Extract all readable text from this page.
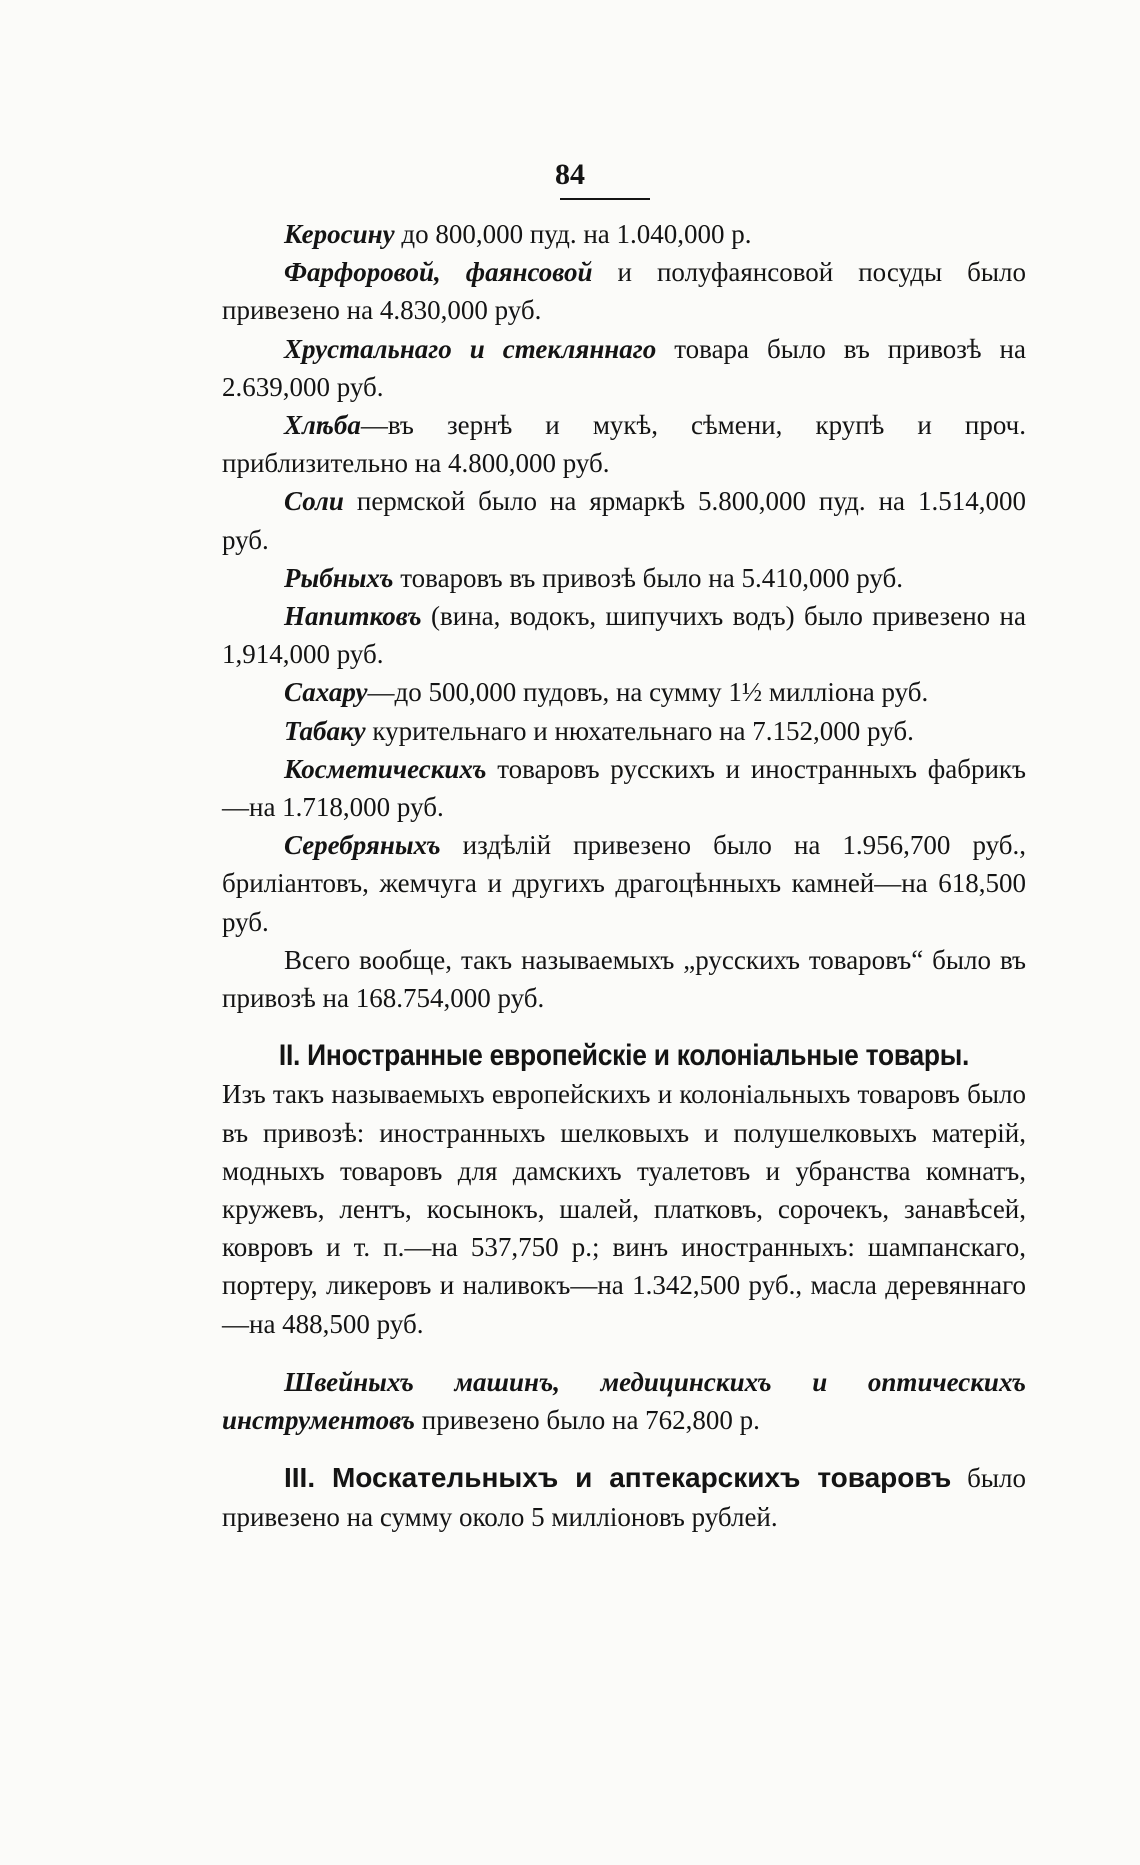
84

Керосину до 800,000 пуд. на 1.040,000 р.

Фарфоровой, фаянсовой и полуфаянсовой посуды было привезено на 4.830,000 руб.

Хрустальнаго и стекляннаго товара было въ привозѣ на 2.639,000 руб.

Хлѣба—въ зернѣ и мукѣ, сѣмени, крупѣ и проч. приблизительно на 4.800,000 руб.

Соли пермской было на ярмаркѣ 5.800,000 пуд. на 1.514,000 руб.

Рыбныхъ товаровъ въ привозѣ было на 5.410,000 руб.

Напитковъ (вина, водокъ, шипучихъ водъ) было привезено на 1,914,000 руб.

Сахару—до 500,000 пудовъ, на сумму 1½ милліона руб.

Табаку курительнаго и нюхательнаго на 7.152,000 руб.

Косметическихъ товаровъ русскихъ и иностранныхъ фабрикъ—на 1.718,000 руб.

Серебряныхъ издѣлій привезено было на 1.956,700 руб., бриліантовъ, жемчуга и другихъ драгоцѣнныхъ камней—на 618,500 руб.

Всего вообще, такъ называемыхъ „русскихъ товаровъ“ было въ привозѣ на 168.754,000 руб.

II. Иностранные европейскіе и колоніальные товары.

Изъ такъ называемыхъ европейскихъ и колоніальныхъ товаровъ было въ привозѣ: иностранныхъ шелковыхъ и полушелковыхъ матерій, модныхъ товаровъ для дамскихъ туалетовъ и убранства комнатъ, кружевъ, лентъ, косынокъ, шалей, платковъ, сорочекъ, занавѣсей, ковровъ и т. п.—на 537,750 р.; винъ иностранныхъ: шампанскаго, портеру, ликеровъ и наливокъ—на 1.342,500 руб., масла деревяннаго—на 488,500 руб.

Швейныхъ машинъ, медицинскихъ и оптическихъ инструментовъ привезено было на 762,800 р.

III. Москательныхъ и аптекарскихъ товаровъ было привезено на сумму около 5 милліоновъ рублей.
